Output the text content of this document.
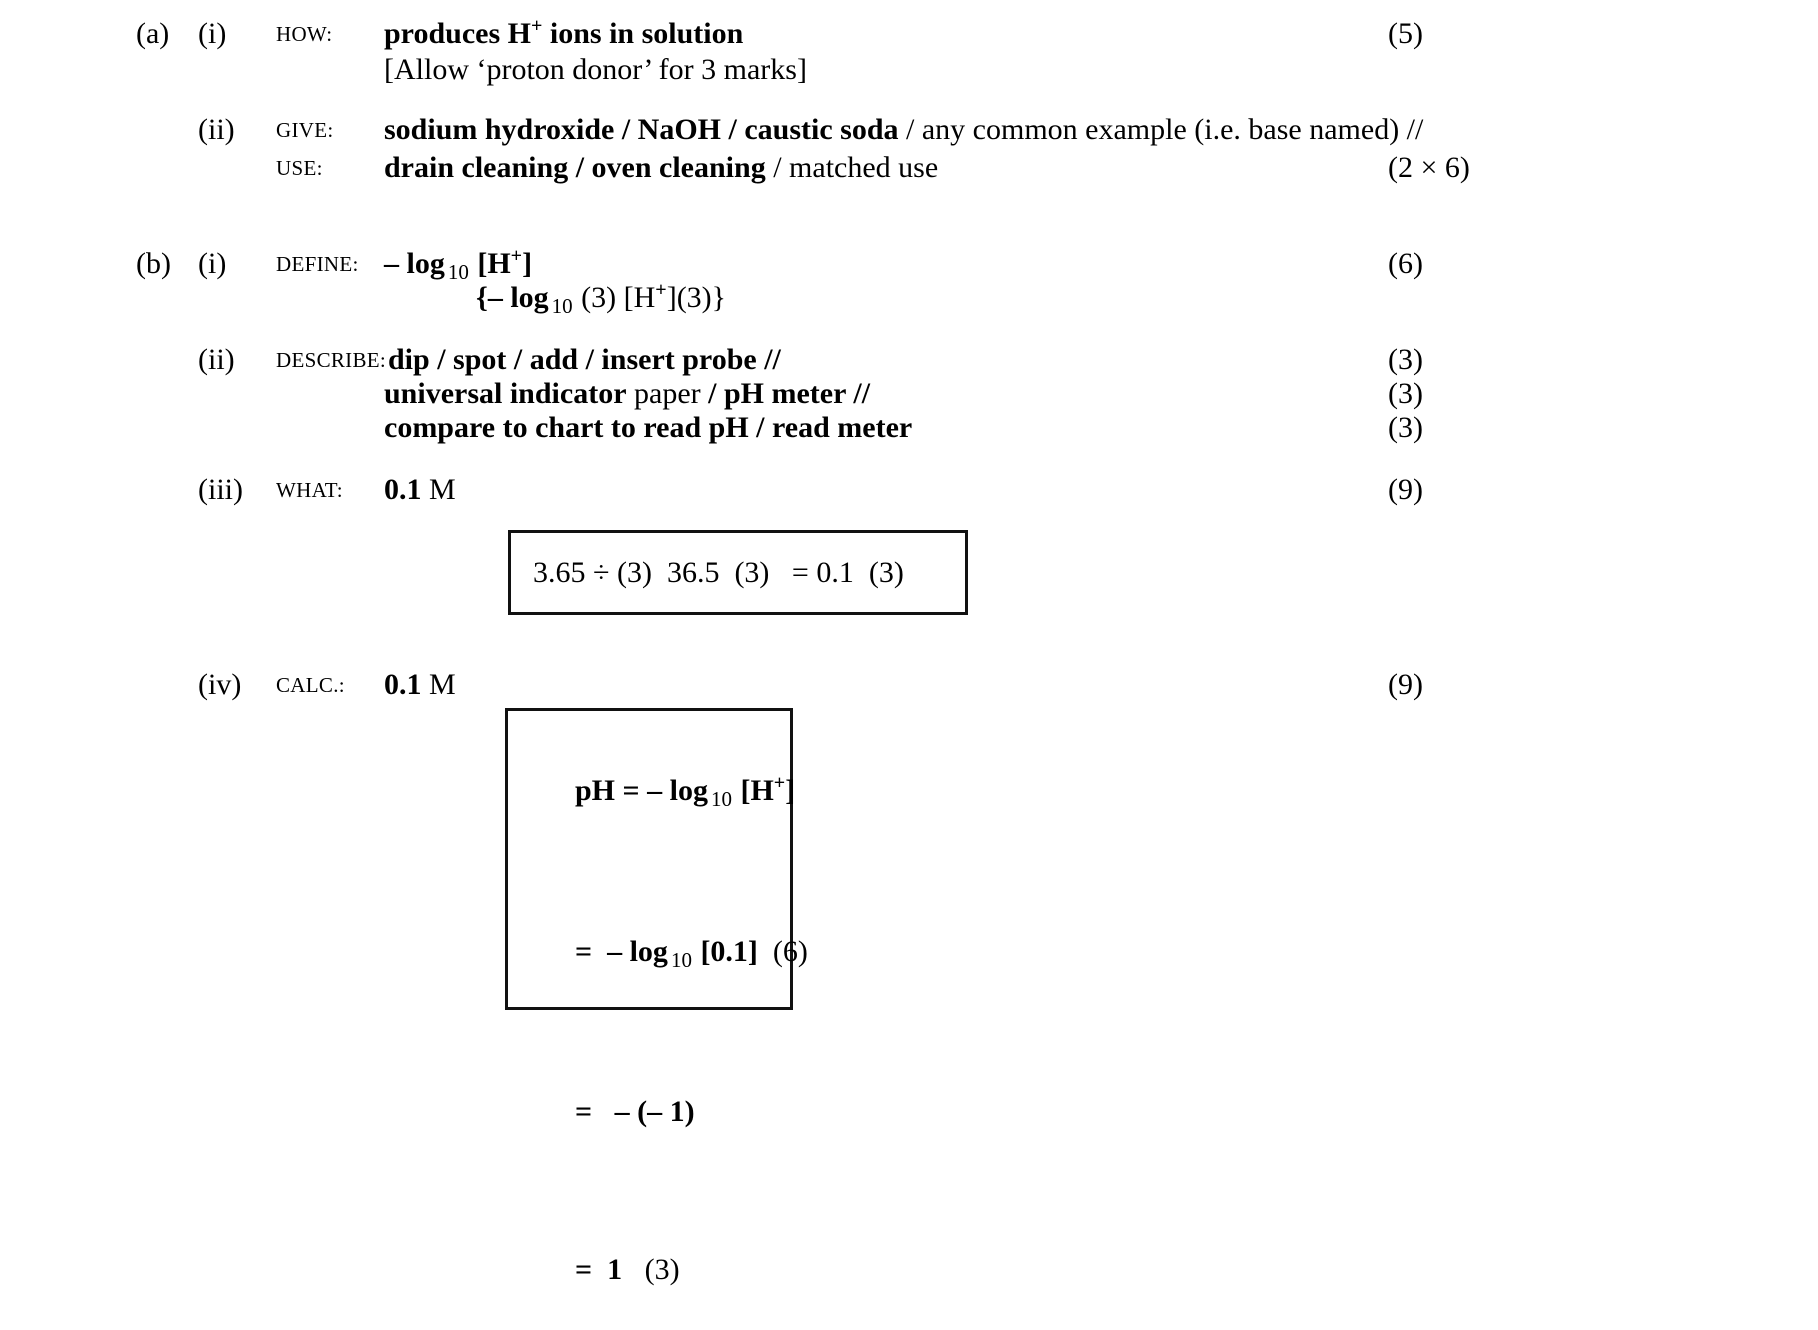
(a) (i)	HOW:	produces H+ ions in solution	(5)
[Allow ‘proton donor’ for 3 marks]
(ii)	GIVE:	sodium hydroxide / NaOH / caustic soda / any common example (i.e. base named) //
USE:	drain cleaning / oven cleaning / matched use	(2 × 6)
(b) (i)	DEFINE: – log $_{10}$ [H+]	(6)
{– log $_{10}$ (3) [H+](3)}
(ii)	DESCRIBE: dip / spot / add / insert probe //	(3)
universal indicator paper / pH meter //	(3)
compare to chart to read pH / read meter	(3)
(iii)	WHAT:	0.1 M	(9)
3.65 ÷ (3)  36.5  (3)   = 0.1  (3)
(iv)	CALC.:	0.1 M	(9)

pH = – log $_{10}$ [H+]

=  – log $_{10}$ [0.1]  (6)

=   – (– 1)

=  1   (3)
